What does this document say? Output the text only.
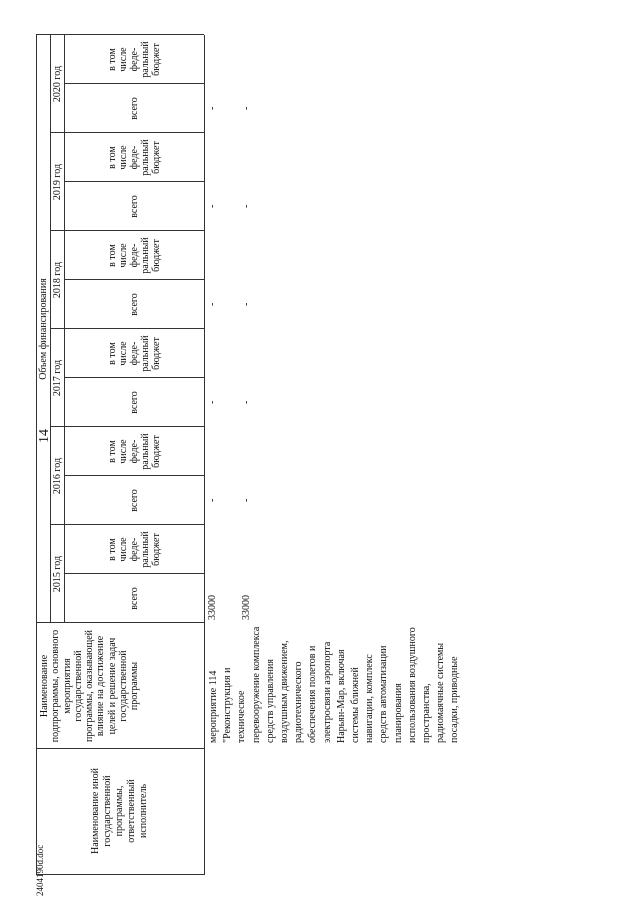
14
2404190d.doc
Наименование иной государственной программы, ответственный исполнитель
Наименование подпрограммы, основного мероприятия государственной программы, оказывающей влияние на достижение целей и решение задач государственной программы
Объем финансирования
2015 год
2016 год
2017 год
2018 год
2019 год
2020 год
всего
в том числе феде-ральный бюджет
всего
в том числе феде-ральный бюджет
всего
в том числе феде-ральный бюджет
всего
в том числе феде-ральный бюджет
всего
в том числе феде-ральный бюджет
всего
в том числе феде-ральный бюджет
мероприятие 114 "Реконструкция и техническое перевооружение комплекса средств управления воздушным движением, радиотехнического обеспечения полетов и электросвязи аэропорта Нарьян-Мар, включая системы ближней навигации, комплекс средств автоматизации планирования использования воздушного пространства, радиомаячные системы посадки, приводные
33000 33000
- -
- -
- -
- -
- -
